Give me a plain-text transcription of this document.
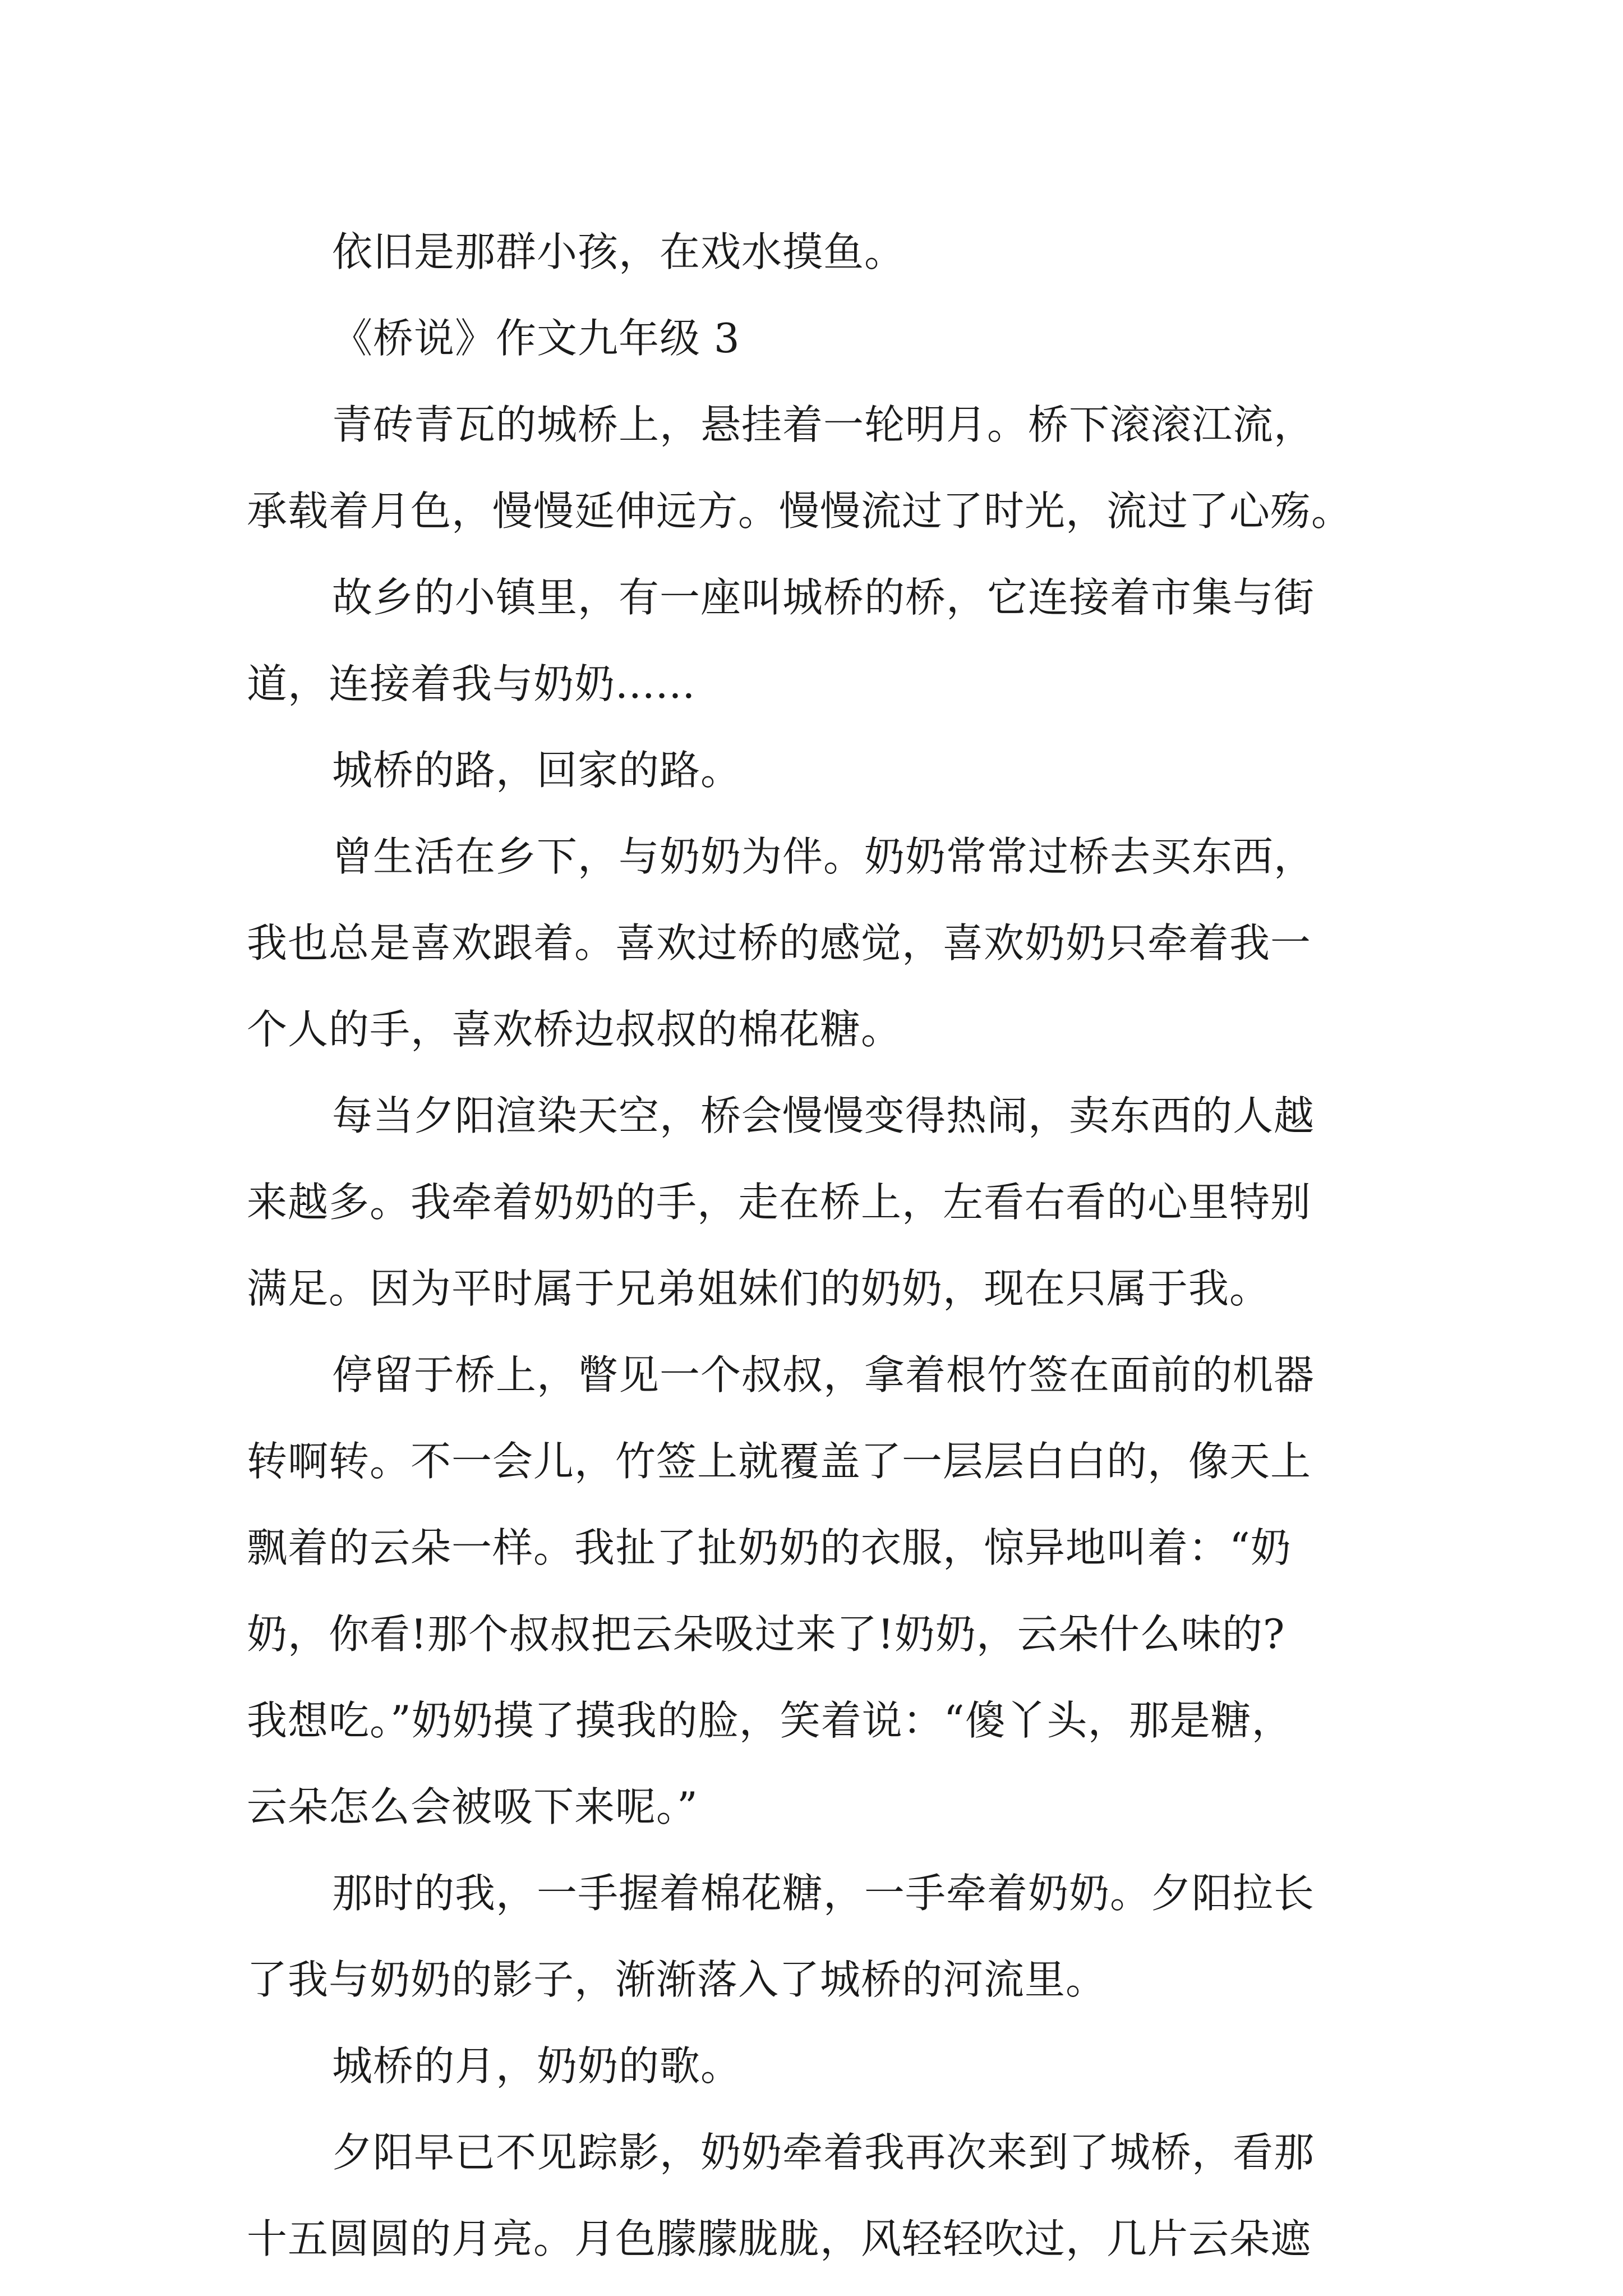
依旧是那群小孩，在戏水摸鱼。
《桥说》作文九年级 3
青砖青瓦的城桥上，悬挂着一轮明月。桥下滚滚江流，
承载着月色，慢慢延伸远方。慢慢流过了时光，流过了心殇。
故乡的小镇里，有一座叫城桥的桥，它连接着市集与街
道，连接着我与奶奶......
城桥的路，回家的路。
曾生活在乡下，与奶奶为伴。奶奶常常过桥去买东西，
我也总是喜欢跟着。喜欢过桥的感觉，喜欢奶奶只牵着我一
个人的手，喜欢桥边叔叔的棉花糖。
每当夕阳渲染天空，桥会慢慢变得热闹，卖东西的人越
来越多。我牵着奶奶的手，走在桥上，左看右看的心里特别
满足。因为平时属于兄弟姐妹们的奶奶，现在只属于我。
停留于桥上，瞥见一个叔叔，拿着根竹签在面前的机器
转啊转。不一会儿，竹签上就覆盖了一层层白白的，像天上
飘着的云朵一样。我扯了扯奶奶的衣服，惊异地叫着：“奶
奶，你看!那个叔叔把云朵吸过来了!奶奶，云朵什么味的?
我想吃。”奶奶摸了摸我的脸，笑着说：“傻丫头，那是糖，
云朵怎么会被吸下来呢。”
那时的我，一手握着棉花糖，一手牵着奶奶。夕阳拉长
了我与奶奶的影子，渐渐落入了城桥的河流里。
城桥的月，奶奶的歌。
夕阳早已不见踪影，奶奶牵着我再次来到了城桥，看那
十五圆圆的月亮。月色朦朦胧胧，风轻轻吹过，几片云朵遮
